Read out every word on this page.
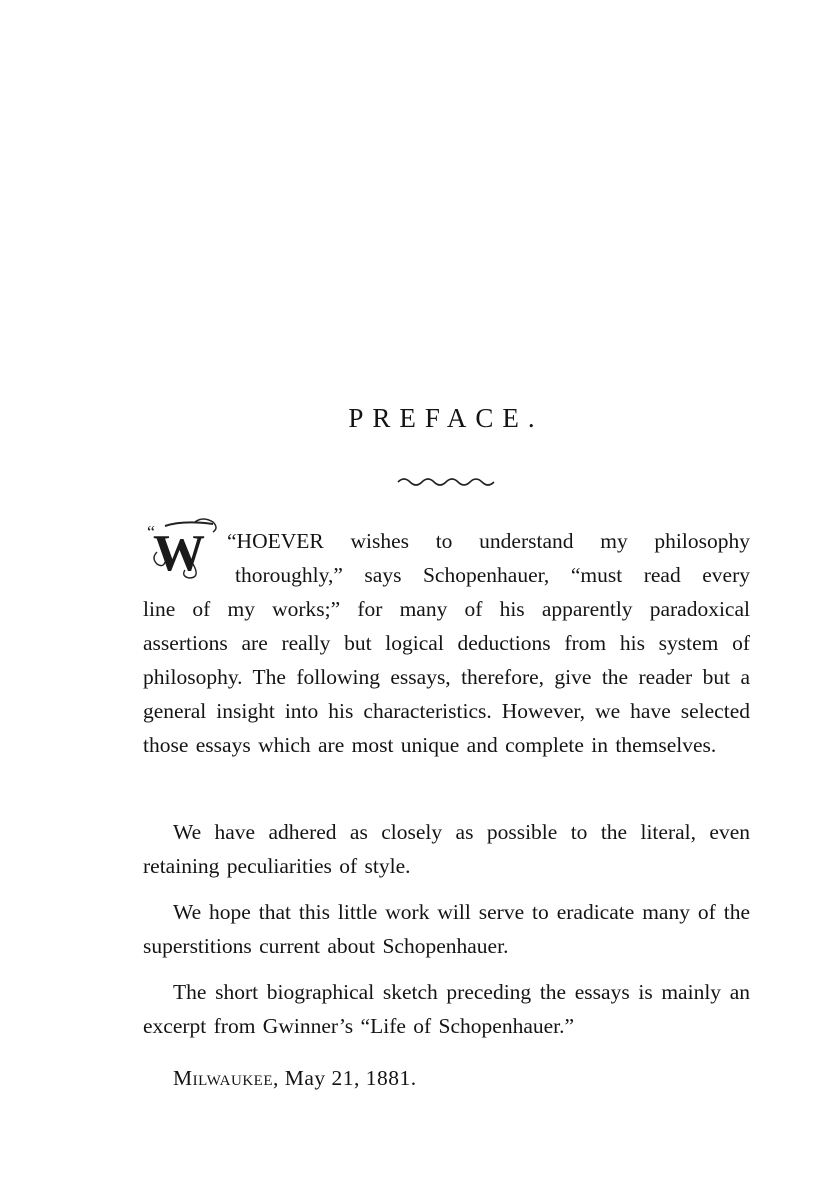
PREFACE.
“
W	“HOEVER wishes to understand my philosophy
thoroughly,” says Schopenhauer, “must read every
line of my works;” for many of his apparently paradoxical assertions are really but logical deductions from his system of philosophy. The following essays, therefore, give the reader but a general insight into his characteristics. However, we have selected those essays which are most unique and complete in themselves.

We have adhered as closely as possible to the literal, even retaining peculiarities of style.

We hope that this little work will serve to eradicate many of the superstitions current about Schopenhauer.

The short biographical sketch preceding the essays is mainly an excerpt from Gwinner’s “Life of Schopenhauer.”

Milwaukee, May 21, 1881.
